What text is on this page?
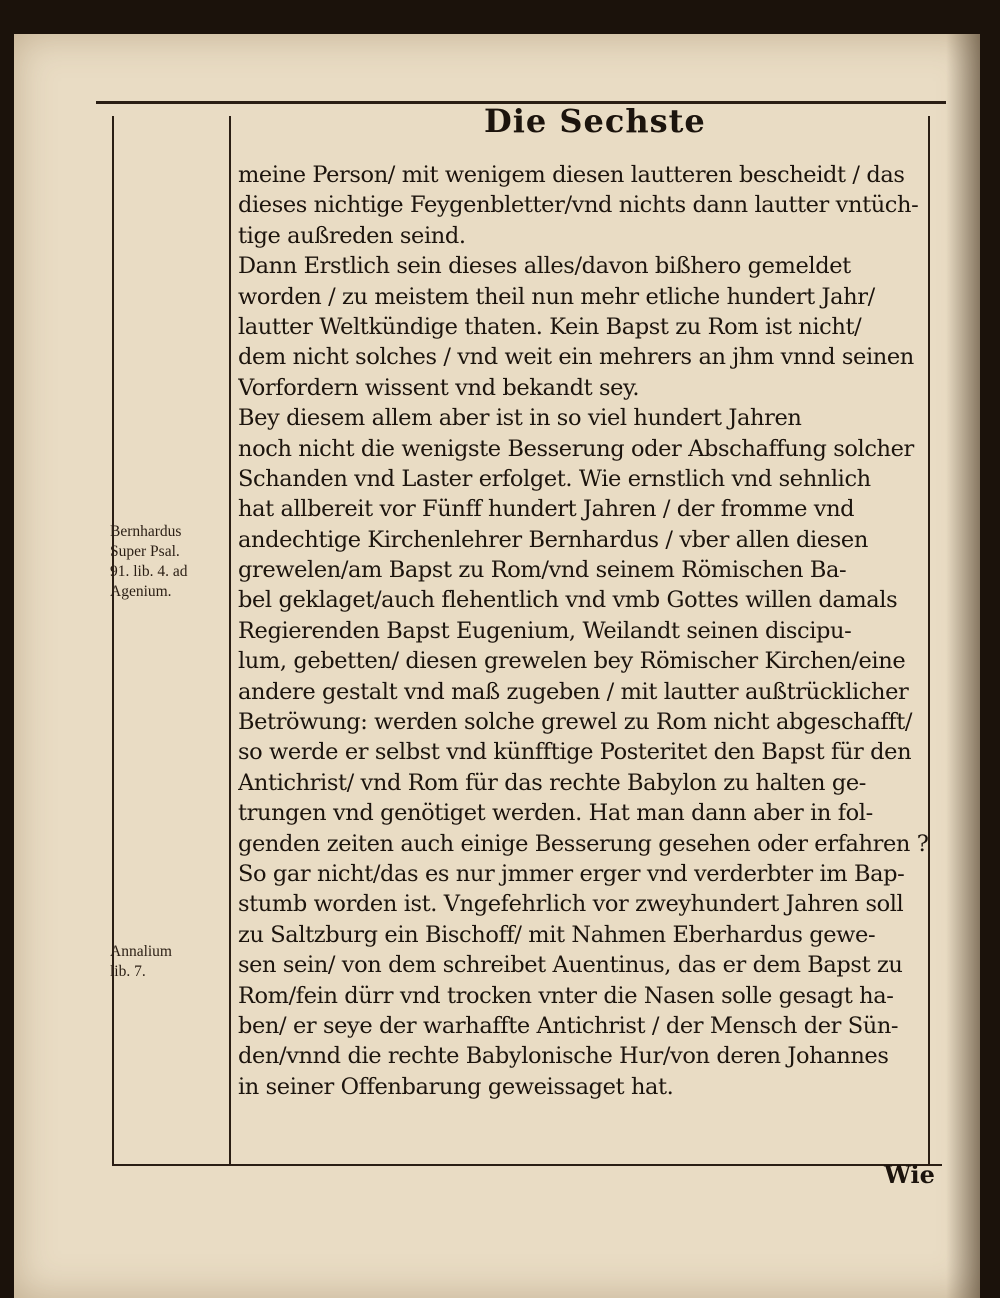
Die Sechste
meine Person/ mit wenigem diesen lautteren bescheidt / das
dieses nichtige Feygenbletter/vnd nichts dann lautter vntüch-
tige außreden seind.
Dann Erstlich sein dieses alles/davon bißhero gemeldet
worden / zu meistem theil nun mehr etliche hundert Jahr/
lautter Weltkündige thaten. Kein Bapst zu Rom ist nicht/
dem nicht solches / vnd weit ein mehrers an jhm vnnd seinen
Vorfordern wissent vnd bekandt sey.
Bey diesem allem aber ist in so viel hundert Jahren
noch nicht die wenigste Besserung oder Abschaffung solcher
Schanden vnd Laster erfolget. Wie ernstlich vnd sehnlich
hat allbereit vor Fünff hundert Jahren / der fromme vnd
andechtige Kirchenlehrer Bernhardus / vber allen diesen
grewelen/am Bapst zu Rom/vnd seinem Römischen Ba-
bel geklaget/auch flehentlich vnd vmb Gottes willen damals
Regierenden Bapst Eugenium, Weilandt seinen discipu-
lum, gebetten/ diesen grewelen bey Römischer Kirchen/eine
andere gestalt vnd maß zugeben / mit lautter außtrücklicher
Betröwung: werden solche grewel zu Rom nicht abgeschafft/
so werde er selbst vnd künfftige Posteritet den Bapst für den
Antichrist/ vnd Rom für das rechte Babylon zu halten ge-
trungen vnd genötiget werden. Hat man dann aber in fol-
genden zeiten auch einige Besserung gesehen oder erfahren ?
So gar nicht/das es nur jmmer erger vnd verderbter im Bap-
stumb worden ist. Vngefehrlich vor zweyhundert Jahren soll
zu Saltzburg ein Bischoff/ mit Nahmen Eberhardus gewe-
sen sein/ von dem schreibet Auentinus, das er dem Bapst zu
Rom/fein dürr vnd trocken vnter die Nasen solle gesagt ha-
ben/ er seye der warhaffte Antichrist / der Mensch der Sün-
den/vnnd die rechte Babylonische Hur/von deren Johannes
in seiner Offenbarung geweissaget hat.
Bernhardus
Super Psal.
91. lib. 4. ad
Agenium.
Annalium
lib. 7.

Wie
